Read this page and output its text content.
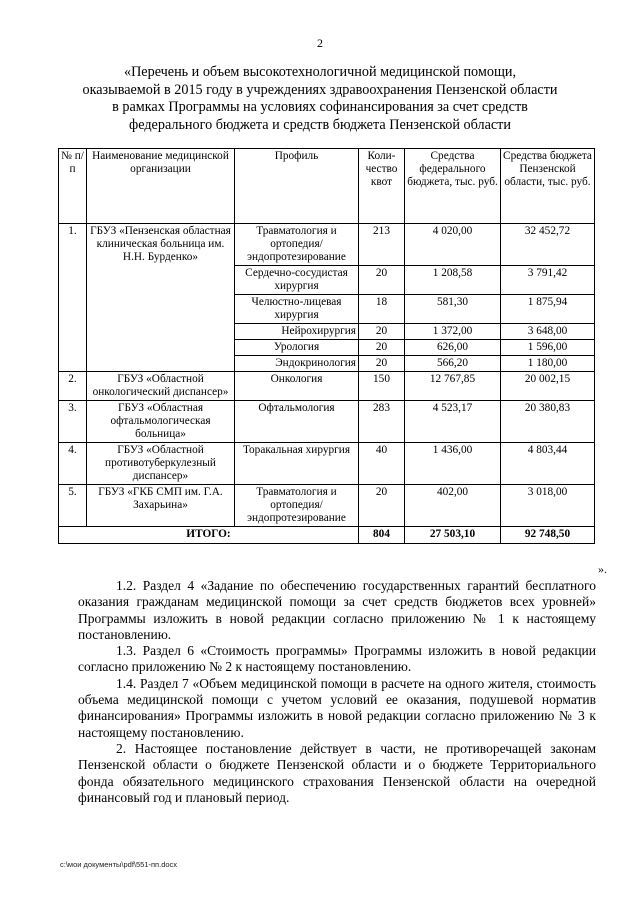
2
«Перечень и объем высокотехнологичной медицинской помощи,
оказываемой в 2015 году в учреждениях здравоохранения Пензенской области
в рамках Программы на условиях софинансирования за счет средств
федерального бюджета и средств бюджета Пензенской области
№ п/п	Наименование медицинской организации	Профиль	Коли-чество квот	Средства федерального бюджета, тыс. руб.	Средства бюджета Пензенской области, тыс. руб.
1.	ГБУЗ «Пензенская областная клиническая больница им. Н.Н. Бурденко»	Травматология и ортопедия/ эндопротезирование	213	4 020,00	32 452,72
		Сердечно-сосудистая хирургия	20	1 208,58	3 791,42
		Челюстно-лицевая хирургия	18	581,30	1 875,94
		Нейрохирургия	20	1 372,00	3 648,00
		Урология	20	626,00	1 596,00
		Эндокринология	20	566,20	1 180,00
2.	ГБУЗ «Областной онкологический диспансер»	Онкология	150	12 767,85	20 002,15
3.	ГБУЗ «Областная офтальмологическая больница»	Офтальмология	283	4 523,17	20 380,83
4.	ГБУЗ «Областной противотуберкулезный диспансер»	Торакальная хирургия	40	1 436,00	4 803,44
5.	ГБУЗ «ГКБ СМП им. Г.А. Захарьина»	Травматология и ортопедия/ эндопротезирование	20	402,00	3 018,00
ИТОГО:			804	27 503,10	92 748,50
».

1.2. Раздел 4 «Задание по обеспечению государственных гарантий бесплатного оказания гражданам медицинской помощи за счет средств бюджетов всех уровней» Программы изложить в новой редакции согласно приложению № 1 к настоящему постановлению.

1.3. Раздел 6 «Стоимость программы» Программы изложить в новой редакции согласно приложению № 2 к настоящему постановлению.

1.4. Раздел 7 «Объем медицинской помощи в расчете на одного жителя, стоимость объема медицинской помощи с учетом условий ее оказания, подушевой норматив финансирования» Программы изложить в новой редакции согласно приложению № 3 к настоящему постановлению.

2. Настоящее постановление действует в части, не противоречащей законам Пензенской области о бюджете Пензенской области и о бюджете Территориального фонда обязательного медицинского страхования Пензенской области на очередной финансовый год и плановый период.

c:\мои документы\pdf\551-пп.docx
